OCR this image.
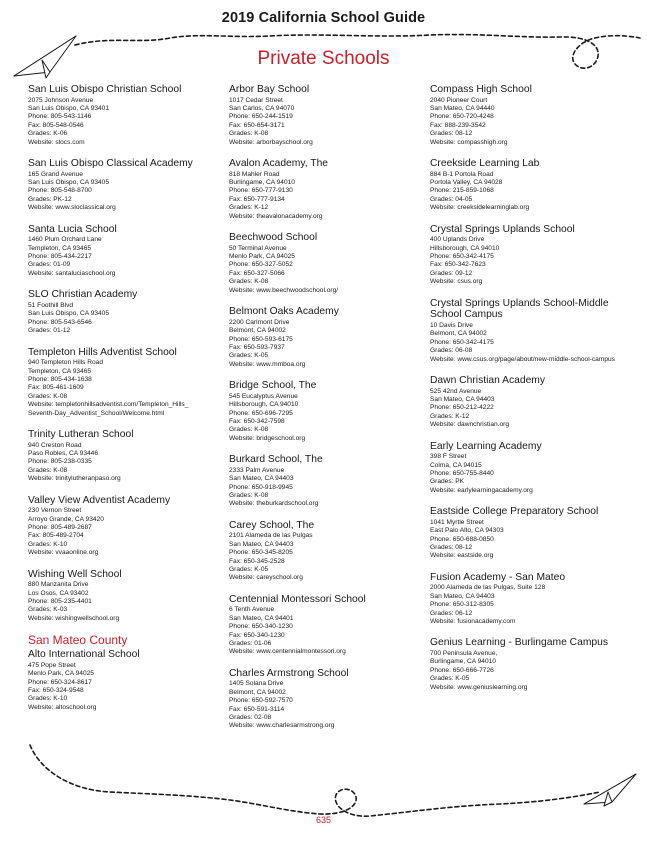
2019 California School Guide
Private Schools
San Luis Obispo Christian School
2075 Johnson Avenue
San Luis Obispo, CA 93401
Phone: 805-543-1146
Fax: 805-548-0546
Grades: K-06
Website: slocs.com
San Luis Obispo Classical Academy
165 Grand Avenue
San Luis Obispo, CA 93405
Phone: 805-548-8700
Grades: PK-12
Website: www.sloclassical.org
Santa Lucia School
1460 Plum Orchard Lane
Templeton, CA 93465
Phone: 805-434-2217
Grades: 01-09
Website: santaluciaschool.org
SLO Christian Academy
51 Foothill Blvd
San Luis Obispo, CA 93405
Phone: 805-543-6546
Grades: 01-12
Templeton Hills Adventist School
940 Templeton Hills Road
Templeton, CA 93465
Phone: 805-434-1638
Fax: 805-461-1609
Grades: K-08
Website: templetonhillsadventist.com/Templeton_Hills_
Seventh-Day_Adventist_School/Welcome.html
Trinity Lutheran School
940 Creston Road
Paso Robles, CA 93446
Phone: 805-238-0335
Grades: K-08
Website: trinitylutheranpaso.org
Valley View Adventist Academy
230 Vernon Street
Arroyo Grande, CA 93420
Phone: 805-489-2687
Fax: 805-489-2704
Grades: K-10
Website: vvaaonline.org
Wishing Well School
880 Manzanita Drive
Los Osos, CA 93402
Phone: 805-235-4401
Grades: K-03
Website: wishingwellschool.org
San Mateo County
Alto International School
475 Pope Street
Menlo Park, CA 94025
Phone: 650-324-8617
Fax: 650-324-9548
Grades: K-10
Website: altoschool.org
Arbor Bay School
1017 Cedar Street
San Carlos, CA 94070
Phone: 650-244-1519
Fax: 650-654-3171
Grades: K-08
Website: arborbayschool.org
Avalon Academy, The
818 Mahler Road
Burlingame, CA 94010
Phone: 650-777-9130
Fax: 650-777-9134
Grades: K-12
Website: theavalonacademy.org
Beechwood School
50 Terminal Avenue
Menlo Park, CA 94025
Phone: 650-327-5052
Fax: 650-327-5066
Grades: K-08
Website: www.beechwoodschool.org/
Belmont Oaks Academy
2200 Carlmont Drive
Belmont, CA 94002
Phone: 650-593-6175
Fax: 650-593-7937
Grades: K-05
Website: www.mmboa.org
Bridge School, The
545 Eucalyptus Avenue
Hillsborough, CA 94010
Phone: 650-696-7295
Fax: 650-342-7598
Grades: K-08
Website: bridgeschool.org
Burkard School, The
2333 Palm Avenue
San Mateo, CA 94403
Phone: 650-918-9945
Grades: K-08
Website: theburkardschool.org
Carey School, The
2101 Alameda de las Pulgas
San Mateo, CA 94403
Phone: 650-345-8205
Fax: 650-345-2528
Grades: K-05
Website: careyschool.org
Centennial Montessori School
6 Tenth Avenue
San Mateo, CA 94401
Phone: 650-340-1230
Fax: 650-340-1230
Grades: 01-06
Website: www.centennialmontessori.org
Charles Armstrong School
1405 Solana Drive
Belmont, CA 94002
Phone: 650-592-7570
Fax: 650-591-3114
Grades: 02-08
Website: www.charlesarmstrong.org
Compass High School
2040 Pioneer Court
San Mateo, CA 94440
Phone: 650-720-4248
Fax: 888-239-3542
Grades: 08-12
Website: compasshigh.org
Creekside Learning Lab
884 B-1 Portola Road
Portola Valley, CA 94028
Phone: 215-859-1068
Grades: 04-05
Website: creeksidelearninglab.org
Crystal Springs Uplands School
400 Uplands Drive
Hillsborough, CA 94010
Phone: 650-342-4175
Fax: 650-342-7623
Grades: 09-12
Website: csus.org
Crystal Springs Uplands School-Middle School Campus
10 Davis Drive
Belmont, CA 94002
Phone: 650-342-4175
Grades: 06-08
Website: www.csus.org/page/about/new-middle-school-campus
Dawn Christian Academy
525 42nd Avenue
San Mateo, CA 94403
Phone: 650-212-4222
Grades: K-12
Website: dawnchristian.org
Early Learning Academy
398 F Street
Colma, CA 94015
Phone: 650-755-8440
Grades: PK
Website: earlylearningacademy.org
Eastside College Preparatory School
1041 Myrtle Street
East Palo Alto, CA 94303
Phone: 650-688-0850
Grades: 08-12
Website: eastside.org
Fusion Academy - San Mateo
2000 Alameda de las Pulgas, Suite 128
San Mateo, CA 94403
Phone: 650-312-8305
Grades: 06-12
Website: fusionacademy.com
Genius Learning - Burlingame Campus
700 Peninsula Avenue,
Burlingame, CA 94010
Phone: 650-666-7726
Grades: K-05
Website: www.geniuslearning.org
635
